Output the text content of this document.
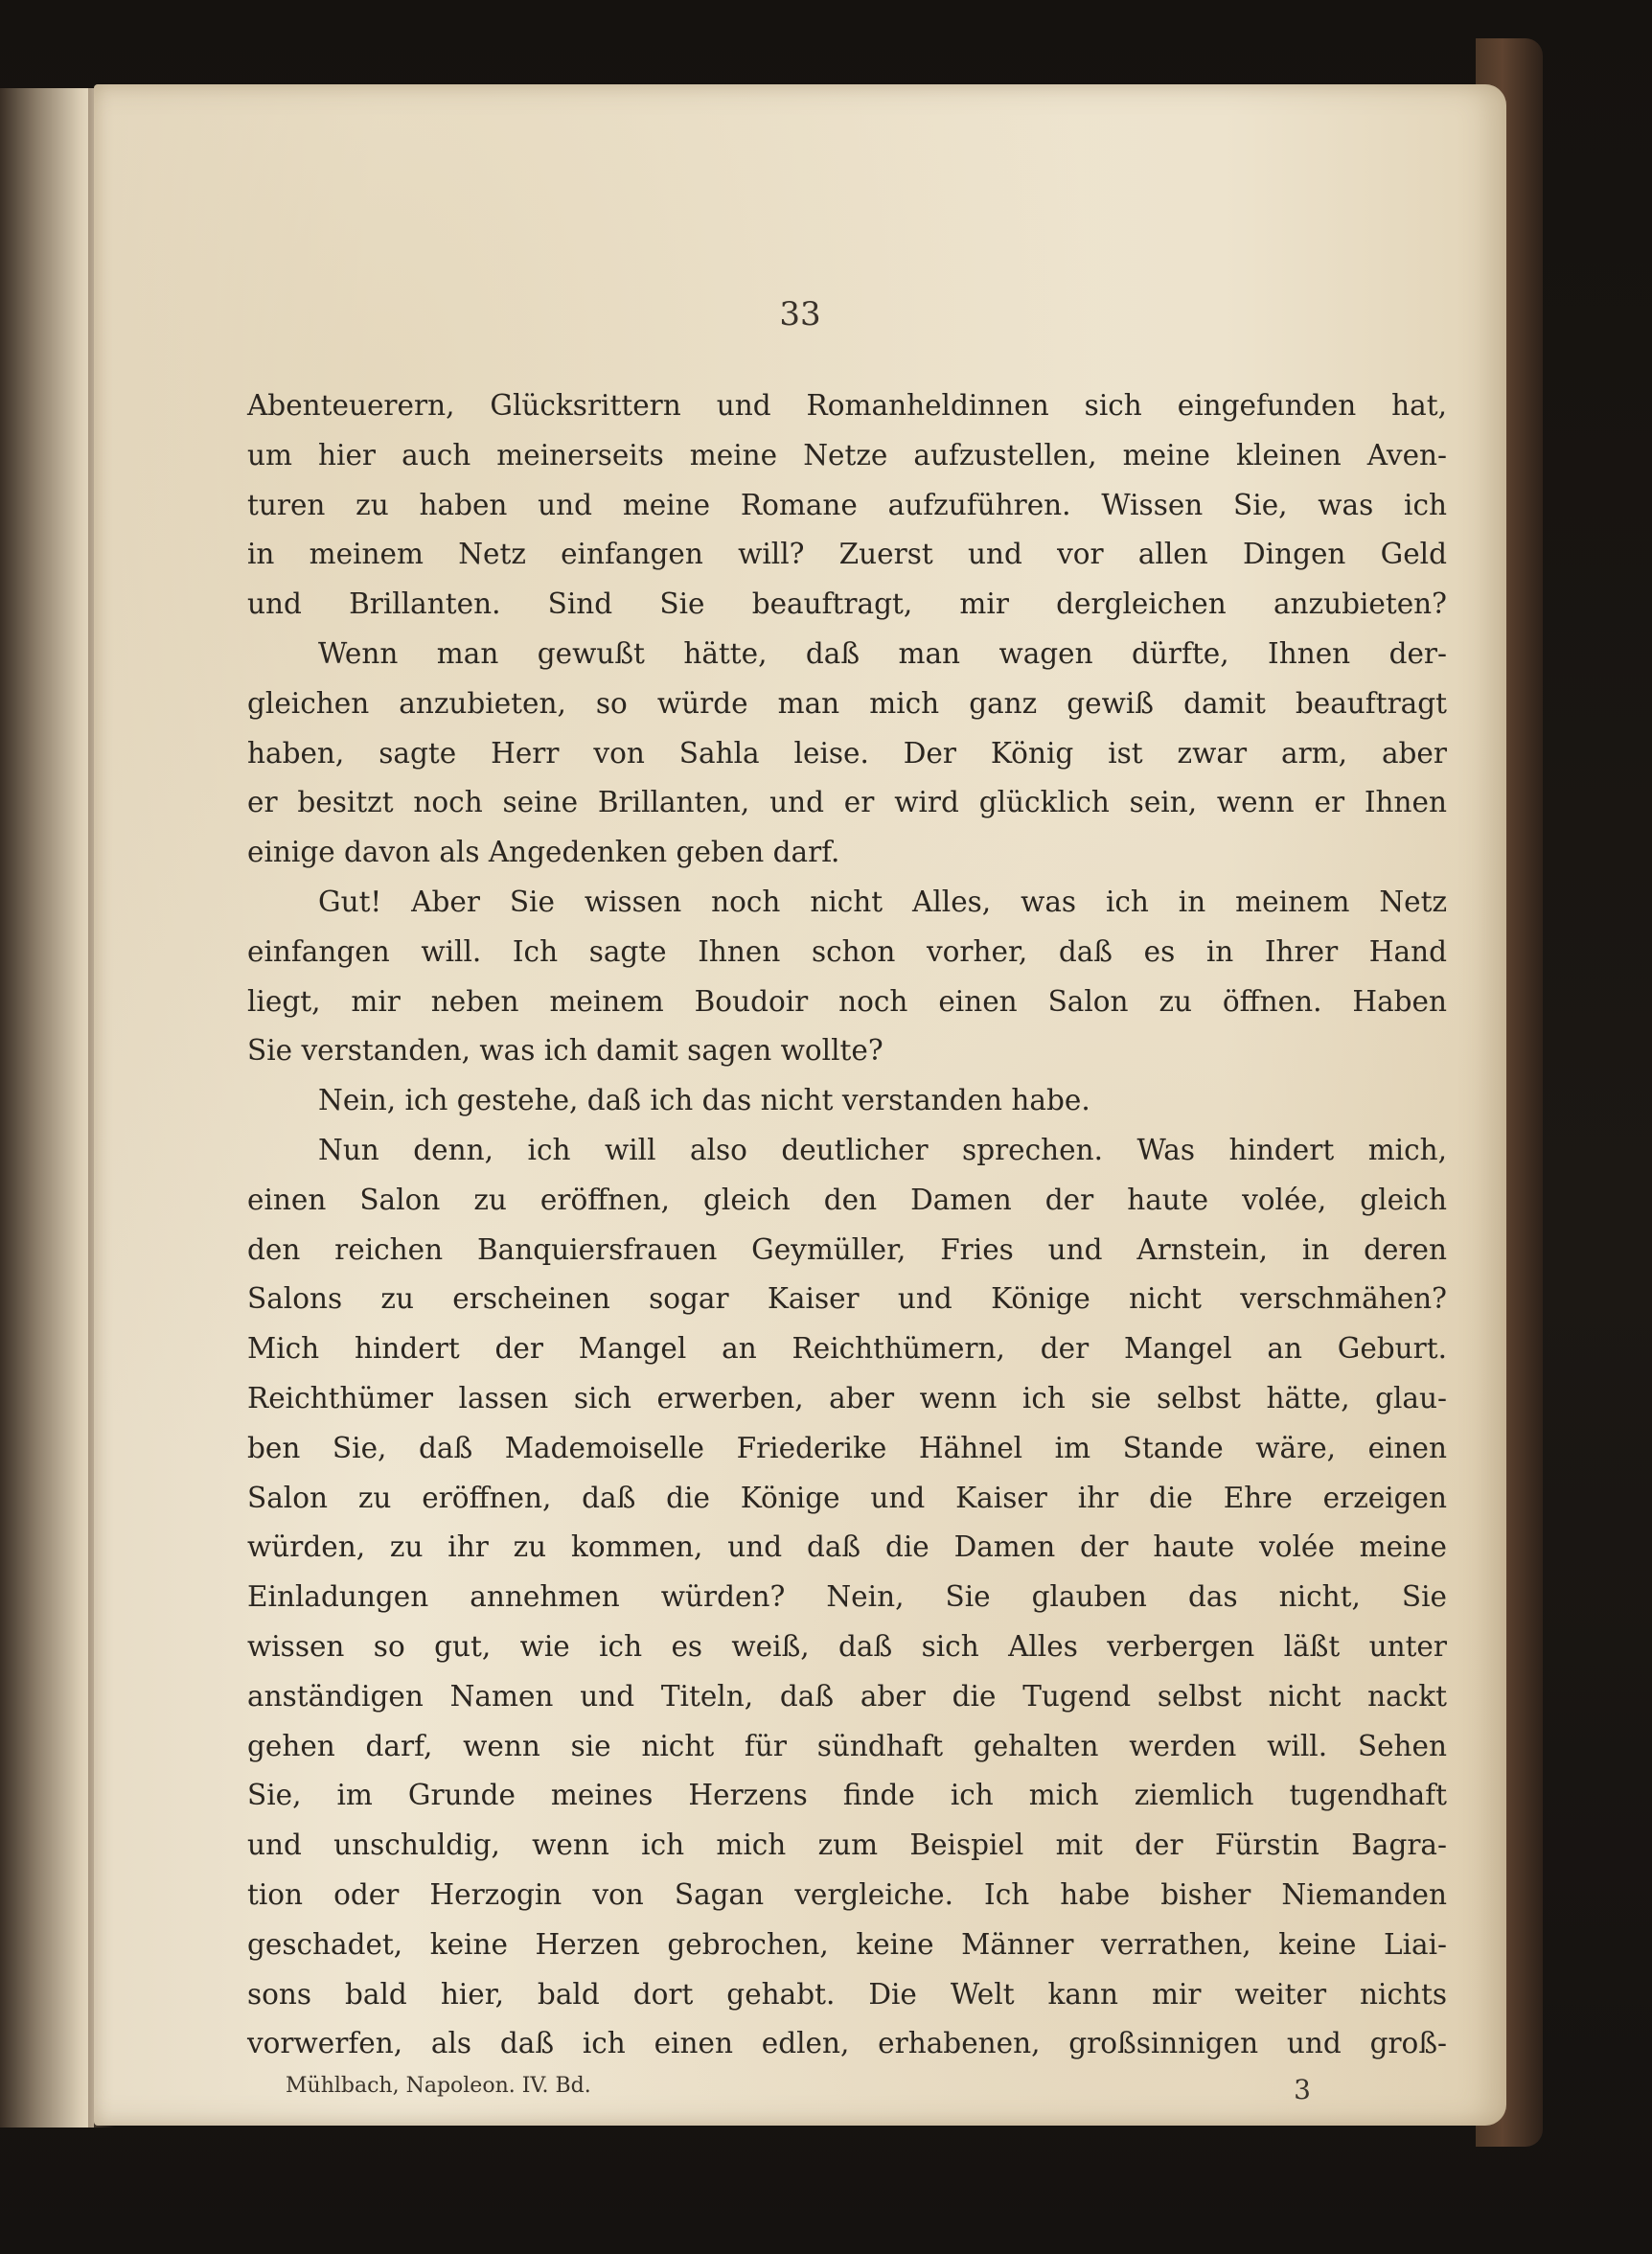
33
Abenteuerern, Glücksrittern und Romanheldinnen sich eingefunden hat,
um hier auch meinerseits meine Netze aufzustellen, meine kleinen Aven-
turen zu haben und meine Romane aufzuführen. Wissen Sie, was ich
in meinem Netz einfangen will? Zuerst und vor allen Dingen Geld
und Brillanten. Sind Sie beauftragt, mir dergleichen anzubieten?
Wenn man gewußt hätte, daß man wagen dürfte, Ihnen der-
gleichen anzubieten, so würde man mich ganz gewiß damit beauftragt
haben, sagte Herr von Sahla leise. Der König ist zwar arm, aber
er besitzt noch seine Brillanten, und er wird glücklich sein, wenn er Ihnen
einige davon als Angedenken geben darf.
Gut! Aber Sie wissen noch nicht Alles, was ich in meinem Netz
einfangen will. Ich sagte Ihnen schon vorher, daß es in Ihrer Hand
liegt, mir neben meinem Boudoir noch einen Salon zu öffnen. Haben
Sie verstanden, was ich damit sagen wollte?
Nein, ich gestehe, daß ich das nicht verstanden habe.
Nun denn, ich will also deutlicher sprechen. Was hindert mich,
einen Salon zu eröffnen, gleich den Damen der haute volée, gleich
den reichen Banquiersfrauen Geymüller, Fries und Arnstein, in deren
Salons zu erscheinen sogar Kaiser und Könige nicht verschmähen?
Mich hindert der Mangel an Reichthümern, der Mangel an Geburt.
Reichthümer lassen sich erwerben, aber wenn ich sie selbst hätte, glau-
ben Sie, daß Mademoiselle Friederike Hähnel im Stande wäre, einen
Salon zu eröffnen, daß die Könige und Kaiser ihr die Ehre erzeigen
würden, zu ihr zu kommen, und daß die Damen der haute volée meine
Einladungen annehmen würden? Nein, Sie glauben das nicht, Sie
wissen so gut, wie ich es weiß, daß sich Alles verbergen läßt unter
anständigen Namen und Titeln, daß aber die Tugend selbst nicht nackt
gehen darf, wenn sie nicht für sündhaft gehalten werden will. Sehen
Sie, im Grunde meines Herzens finde ich mich ziemlich tugendhaft
und unschuldig, wenn ich mich zum Beispiel mit der Fürstin Bagra-
tion oder Herzogin von Sagan vergleiche. Ich habe bisher Niemanden
geschadet, keine Herzen gebrochen, keine Männer verrathen, keine Liai-
sons bald hier, bald dort gehabt. Die Welt kann mir weiter nichts
vorwerfen, als daß ich einen edlen, erhabenen, großsinnigen und groß-
Mühlbach, Napoleon. IV. Bd.	3
